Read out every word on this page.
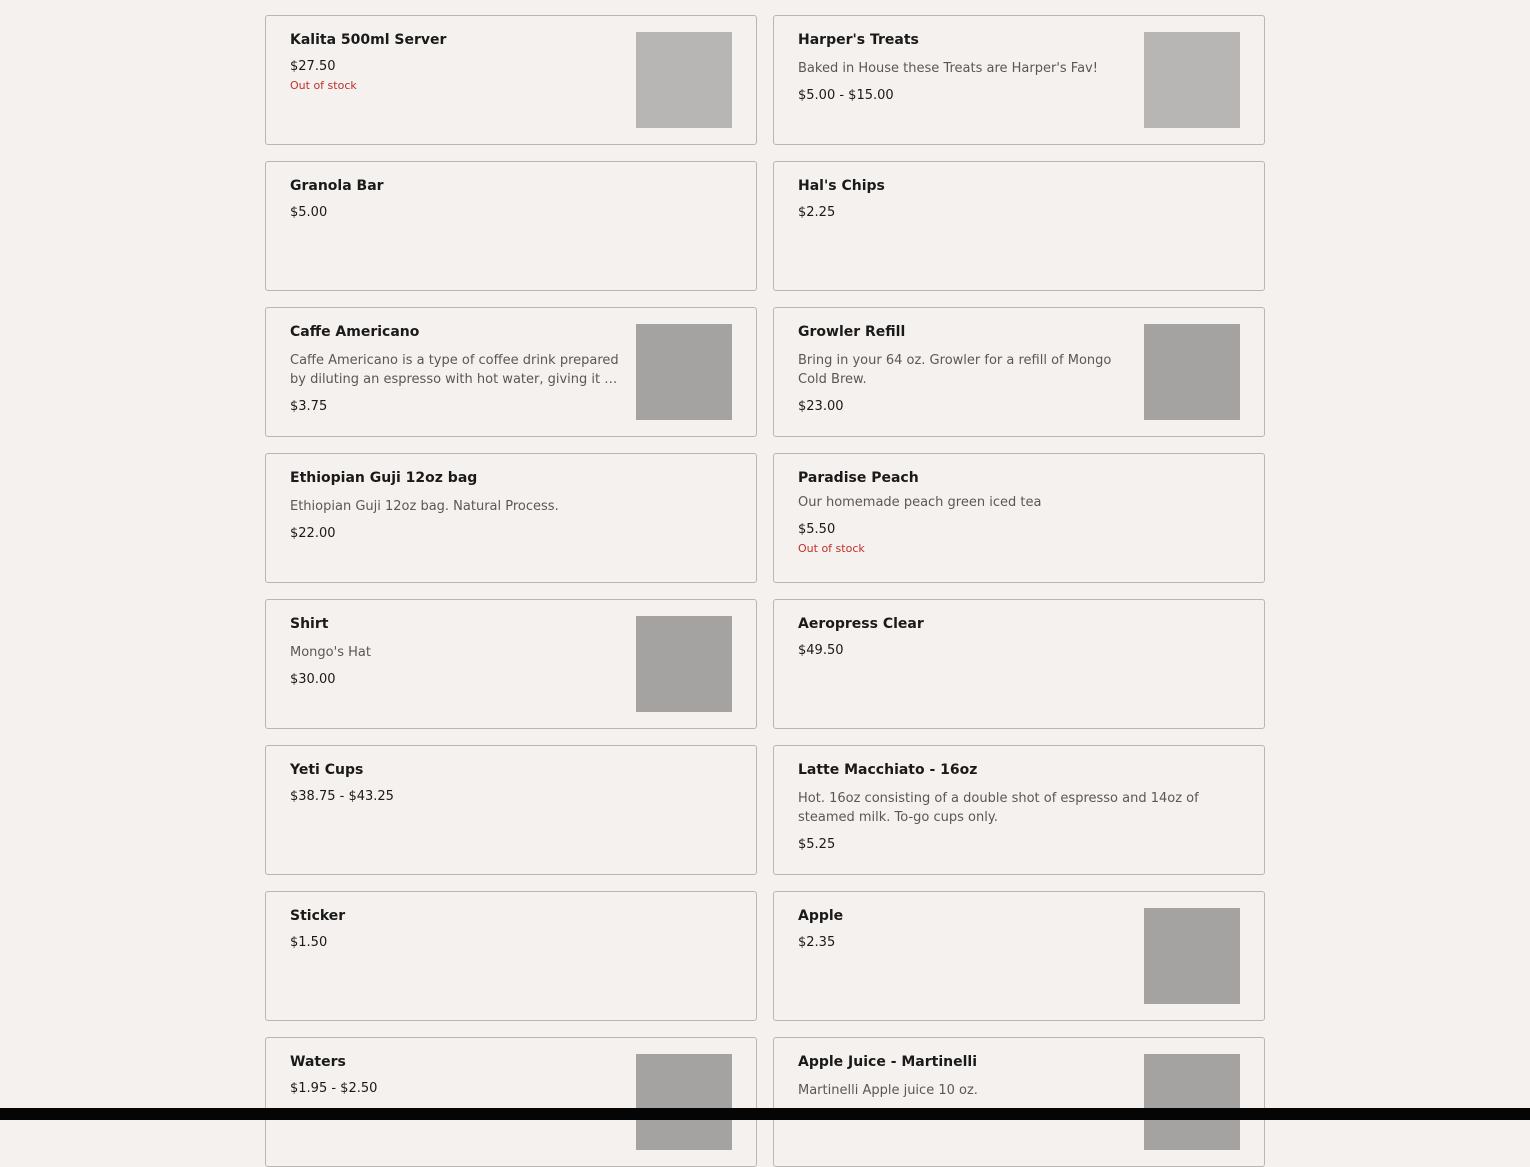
Kalita 500ml Server
$27.50
Out of stock
Harper's Treats
Baked in House these Treats are Harper's Fav!
$5.00 - $15.00
Granola Bar
$5.00
Hal's Chips
$2.25
Caffe Americano
Caffe Americano is a type of coffee drink prepared by diluting an espresso with hot water, giving it a
$3.75
Growler Refill
Bring in your 64 oz. Growler for a refill of Mongo Cold Brew.
$23.00
Ethiopian Guji 12oz bag
Ethiopian Guji 12oz bag. Natural Process.
$22.00
Paradise Peach
Our homemade peach green iced tea
$5.50
Out of stock
Shirt
Mongo's Hat
$30.00
Aeropress Clear
$49.50
Yeti Cups
$38.75 - $43.25
Latte Macchiato - 16oz
Hot. 16oz consisting of a double shot of espresso and 14oz of steamed milk. To-go cups only.
$5.25
Sticker
$1.50
Apple
$2.35
Waters
$1.95 - $2.50
Apple Juice - Martinelli
Martinelli Apple juice 10 oz.
